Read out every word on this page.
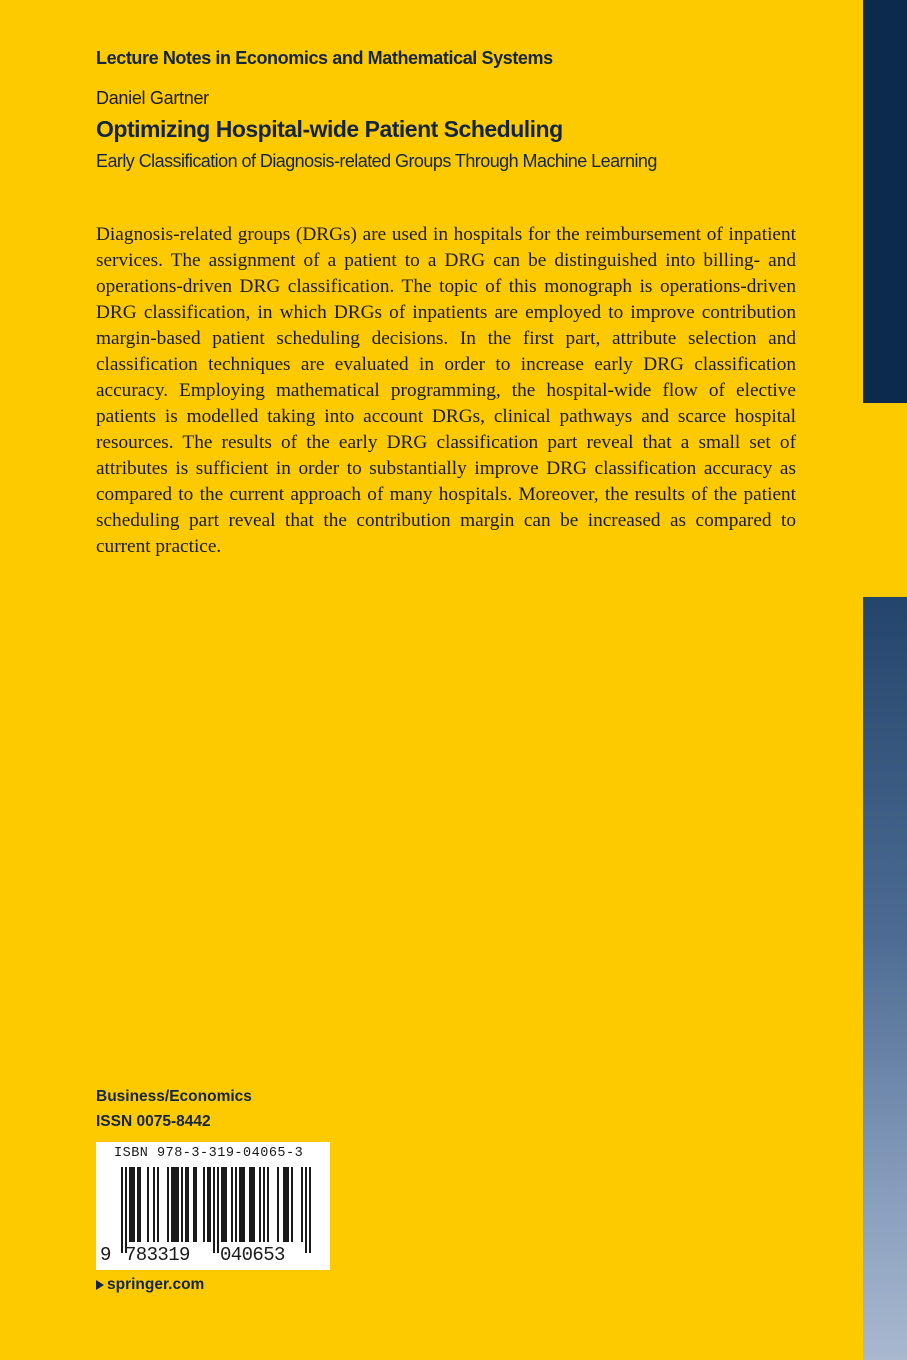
Lecture Notes in Economics and Mathematical Systems
Daniel Gartner
Optimizing Hospital-wide Patient Scheduling
Early Classification of Diagnosis-related Groups Through Machine Learning

Diagnosis-related groups (DRGs) are used in hospitals for the reimbursement of inpatient services. The assignment of a patient to a DRG can be distinguished into billing- and operations-driven DRG classification. The topic of this monograph is operations-driven DRG classification, in which DRGs of inpatients are employed to improve contribution margin-based patient scheduling decisions. In the first part, attribute selection and classification techniques are evaluated in order to increase early DRG classification accuracy. Employing mathematical programming, the hospital-wide flow of elective patients is modelled taking into account DRGs, clinical pathways and scarce hospital resources. The results of the early DRG classification part reveal that a small set of attributes is sufficient in order to substantially improve DRG classification accuracy as compared to the current approach of many hospitals. Moreover, the results of the patient scheduling part reveal that the contribution margin can be increased as compared to current practice.

Business/Economics
ISSN 0075-8442
ISBN 978-3-319-04065-3
9 783319 040653
springer.com
